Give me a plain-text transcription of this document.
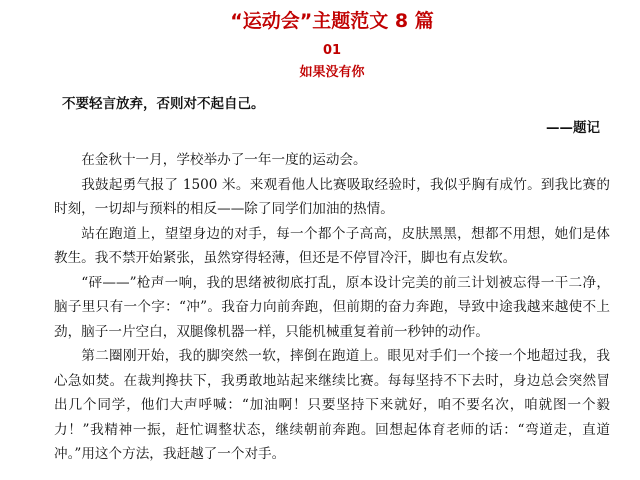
“运动会”主题范文 8 篇
01
如果没有你
不要轻言放弃，否则对不起自己。
——题记

在金秋十一月，学校举办了一年一度的运动会。

我鼓起勇气报了 1500 米。来观看他人比赛吸取经验时，我似乎胸有成竹。到我比赛的时刻，一切却与预料的相反——除了同学们加油的热情。

站在跑道上，望望身边的对手，每一个都个子高高，皮肤黑黑，想都不用想，她们是体教生。我不禁开始紧张，虽然穿得轻薄，但还是不停冒冷汗，脚也有点发软。

“砰——”枪声一响，我的思绪被彻底打乱，原本设计完美的前三计划被忘得一干二净，脑子里只有一个字：“冲”。我奋力向前奔跑，但前期的奋力奔跑，导致中途我越来越使不上劲，脑子一片空白，双腿像机器一样，只能机械重复着前一秒钟的动作。

第二圈刚开始，我的脚突然一软，摔倒在跑道上。眼见对手们一个接一个地超过我，我心急如焚。在裁判搀扶下，我勇敢地站起来继续比赛。每每坚持不下去时，身边总会突然冒出几个同学，他们大声呼喊：“加油啊！只要坚持下来就好，咱不要名次，咱就图一个毅力！”我精神一振，赶忙调整状态，继续朝前奔跑。回想起体育老师的话：“弯道走，直道冲。”用这个方法，我赶越了一个对手。
